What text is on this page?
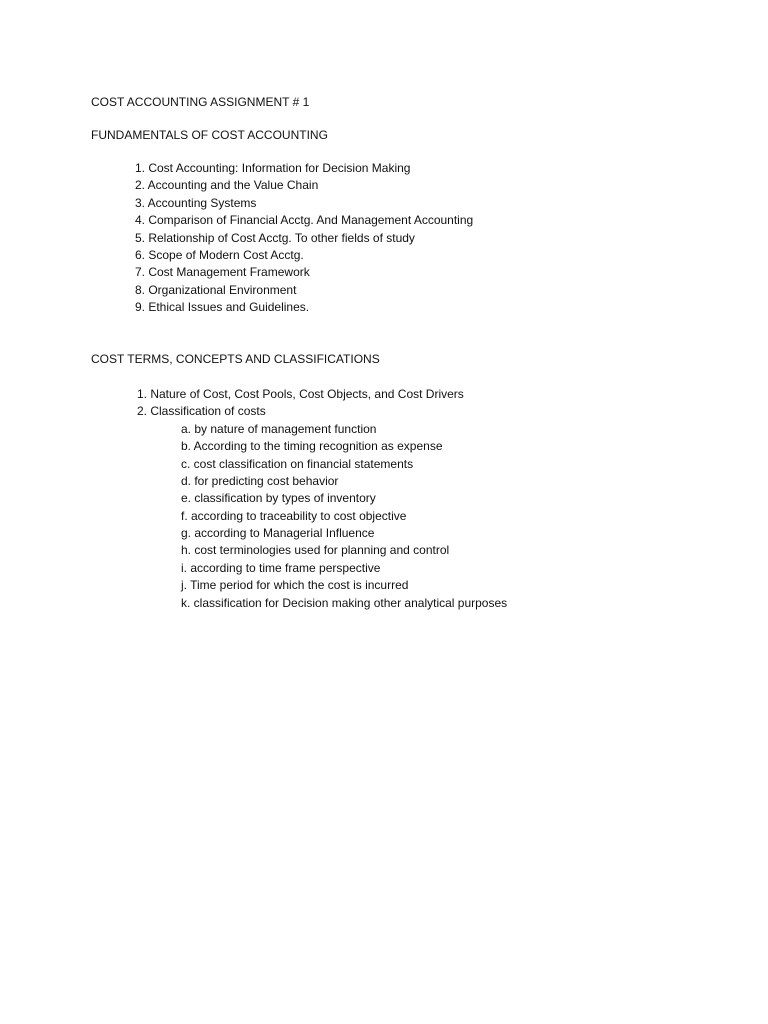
COST ACCOUNTING ASSIGNMENT # 1
FUNDAMENTALS OF COST ACCOUNTING
1. Cost Accounting: Information for Decision Making
2. Accounting and the Value Chain
3. Accounting Systems
4. Comparison of Financial Acctg. And Management Accounting
5. Relationship of Cost Acctg. To other fields of study
6. Scope of Modern Cost Acctg.
7. Cost Management Framework
8. Organizational Environment
9. Ethical Issues and Guidelines.
COST TERMS, CONCEPTS AND CLASSIFICATIONS
1. Nature of Cost, Cost Pools, Cost Objects, and Cost Drivers
2. Classification of costs
a. by nature of management function
b. According to the timing recognition as expense
c. cost classification on financial statements
d. for predicting cost behavior
e. classification by types of inventory
f. according to traceability to cost objective
g. according to Managerial Influence
h. cost terminologies used for planning and control
i. according to time frame perspective
j. Time period for which the cost is incurred
k. classification for Decision making other analytical purposes
